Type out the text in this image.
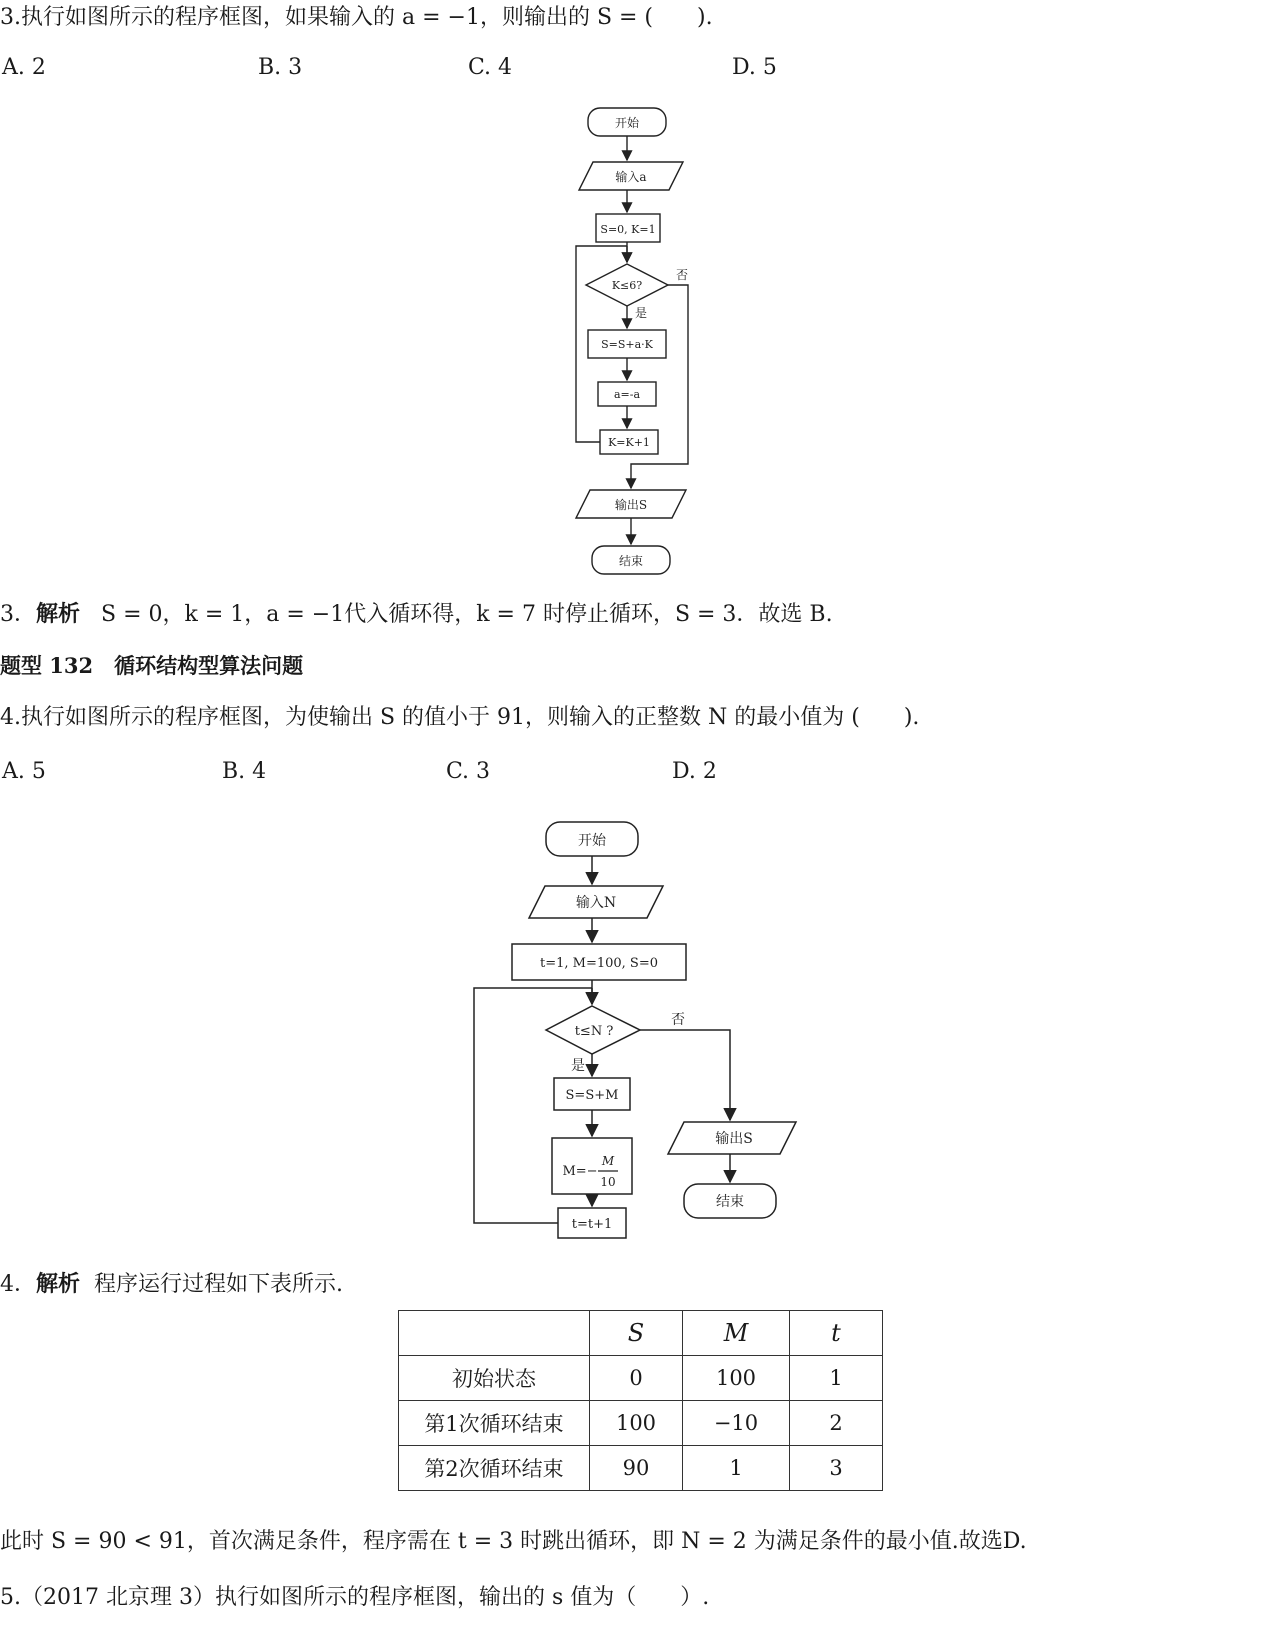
3.执行如图所示的程序框图，如果输入的 a = −1，则输出的 S = (　　).
A. 2	B. 3	C. 4	D. 5
开始
输入a
S=0, K=1
K≤6?
否
是
S=S+a·K
a=-a
K=K+1
输出S
结束
3．解析 S = 0，k = 1，a = −1代入循环得，k = 7 时停止循环，S = 3．故选 B.
题型 132　循环结构型算法问题
4.执行如图所示的程序框图，为使输出 S 的值小于 91，则输入的正整数 N 的最小值为 (　　).
A. 5	B. 4	C. 3	D. 2
开始
输入N
t=1, M=100, S=0
t≤N ?
否
是
S=S+M
M=−
M
10
t=t+1
输出S
结束
4．解析 程序运行过程如下表所示.
	S	M	t
初始状态	0	100	1
第1次循环结束	100	−10	2
第2次循环结束	90	1	3
此时 S = 90 < 91，首次满足条件，程序需在 t = 3 时跳出循环，即 N = 2 为满足条件的最小值.故选D.
5.（2017 北京理 3）执行如图所示的程序框图，输出的 s 值为（　　）.
